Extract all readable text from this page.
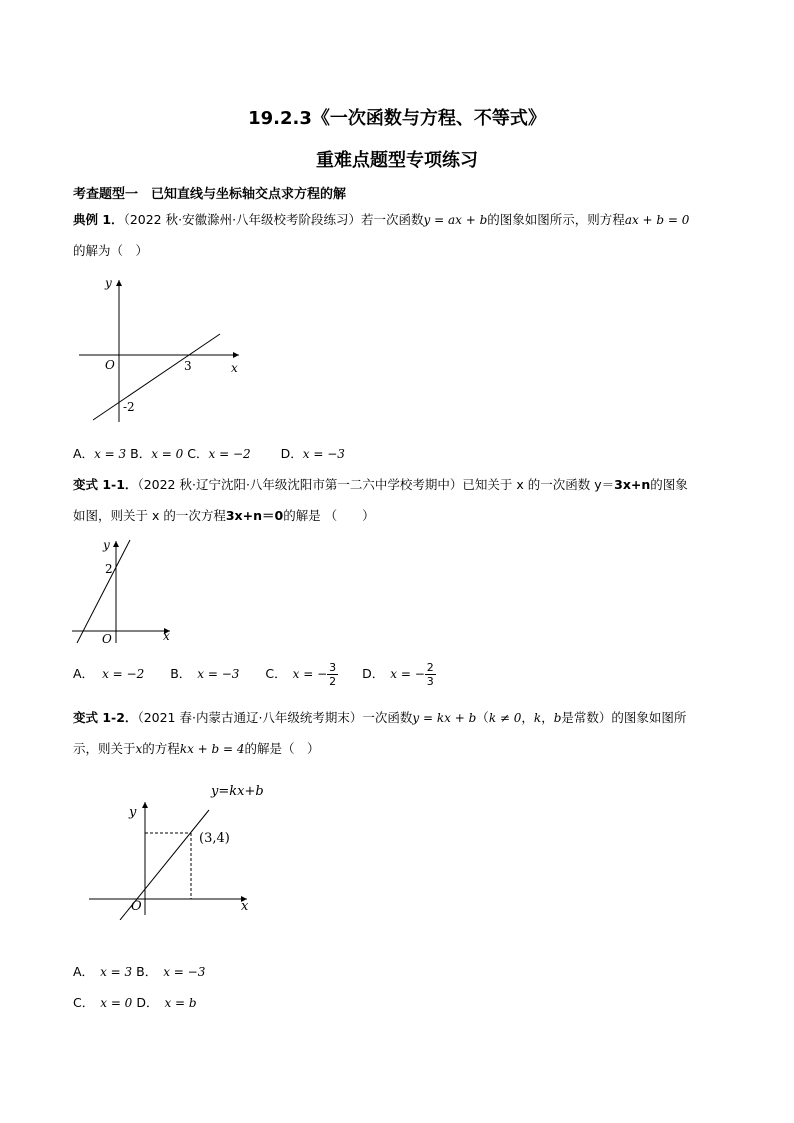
19.2.3《一次函数与方程、不等式》
重难点题型专项练习
考查题型一　已知直线与坐标轴交点求方程的解
典例 1．（2022 秋·安徽滁州·八年级校考阶段练习）若一次函数y = ax + b的图象如图所示，则方程ax + b = 0
的解为（　）
y
x
O	3
-2
A．x = 3 B．x = 0 C．x = −2 D．x = −3
变式 1-1．（2022 秋·辽宁沈阳·八年级沈阳市第一二六中学校考期中）已知关于 x 的一次函数 y＝3x+n的图象
如图，则关于 x 的一次方程3x+n＝0的解是 （　　）
y
x
O
2
A． x = −2 B． x = −3 C． x = − $\frac{3}{2}$ D． x = − $\frac{2}{3}$
变式 1-2．（2021 春·内蒙古通辽·八年级统考期末）一次函数y = kx + b（k ≠ 0，k，b是常数）的图象如图所
示，则关于x的方程kx + b = 4的解是（　）
y=kx+b
(3,4)
y
x
O
A． x = 3 B． x = −3
C． x = 0 D． x = b
